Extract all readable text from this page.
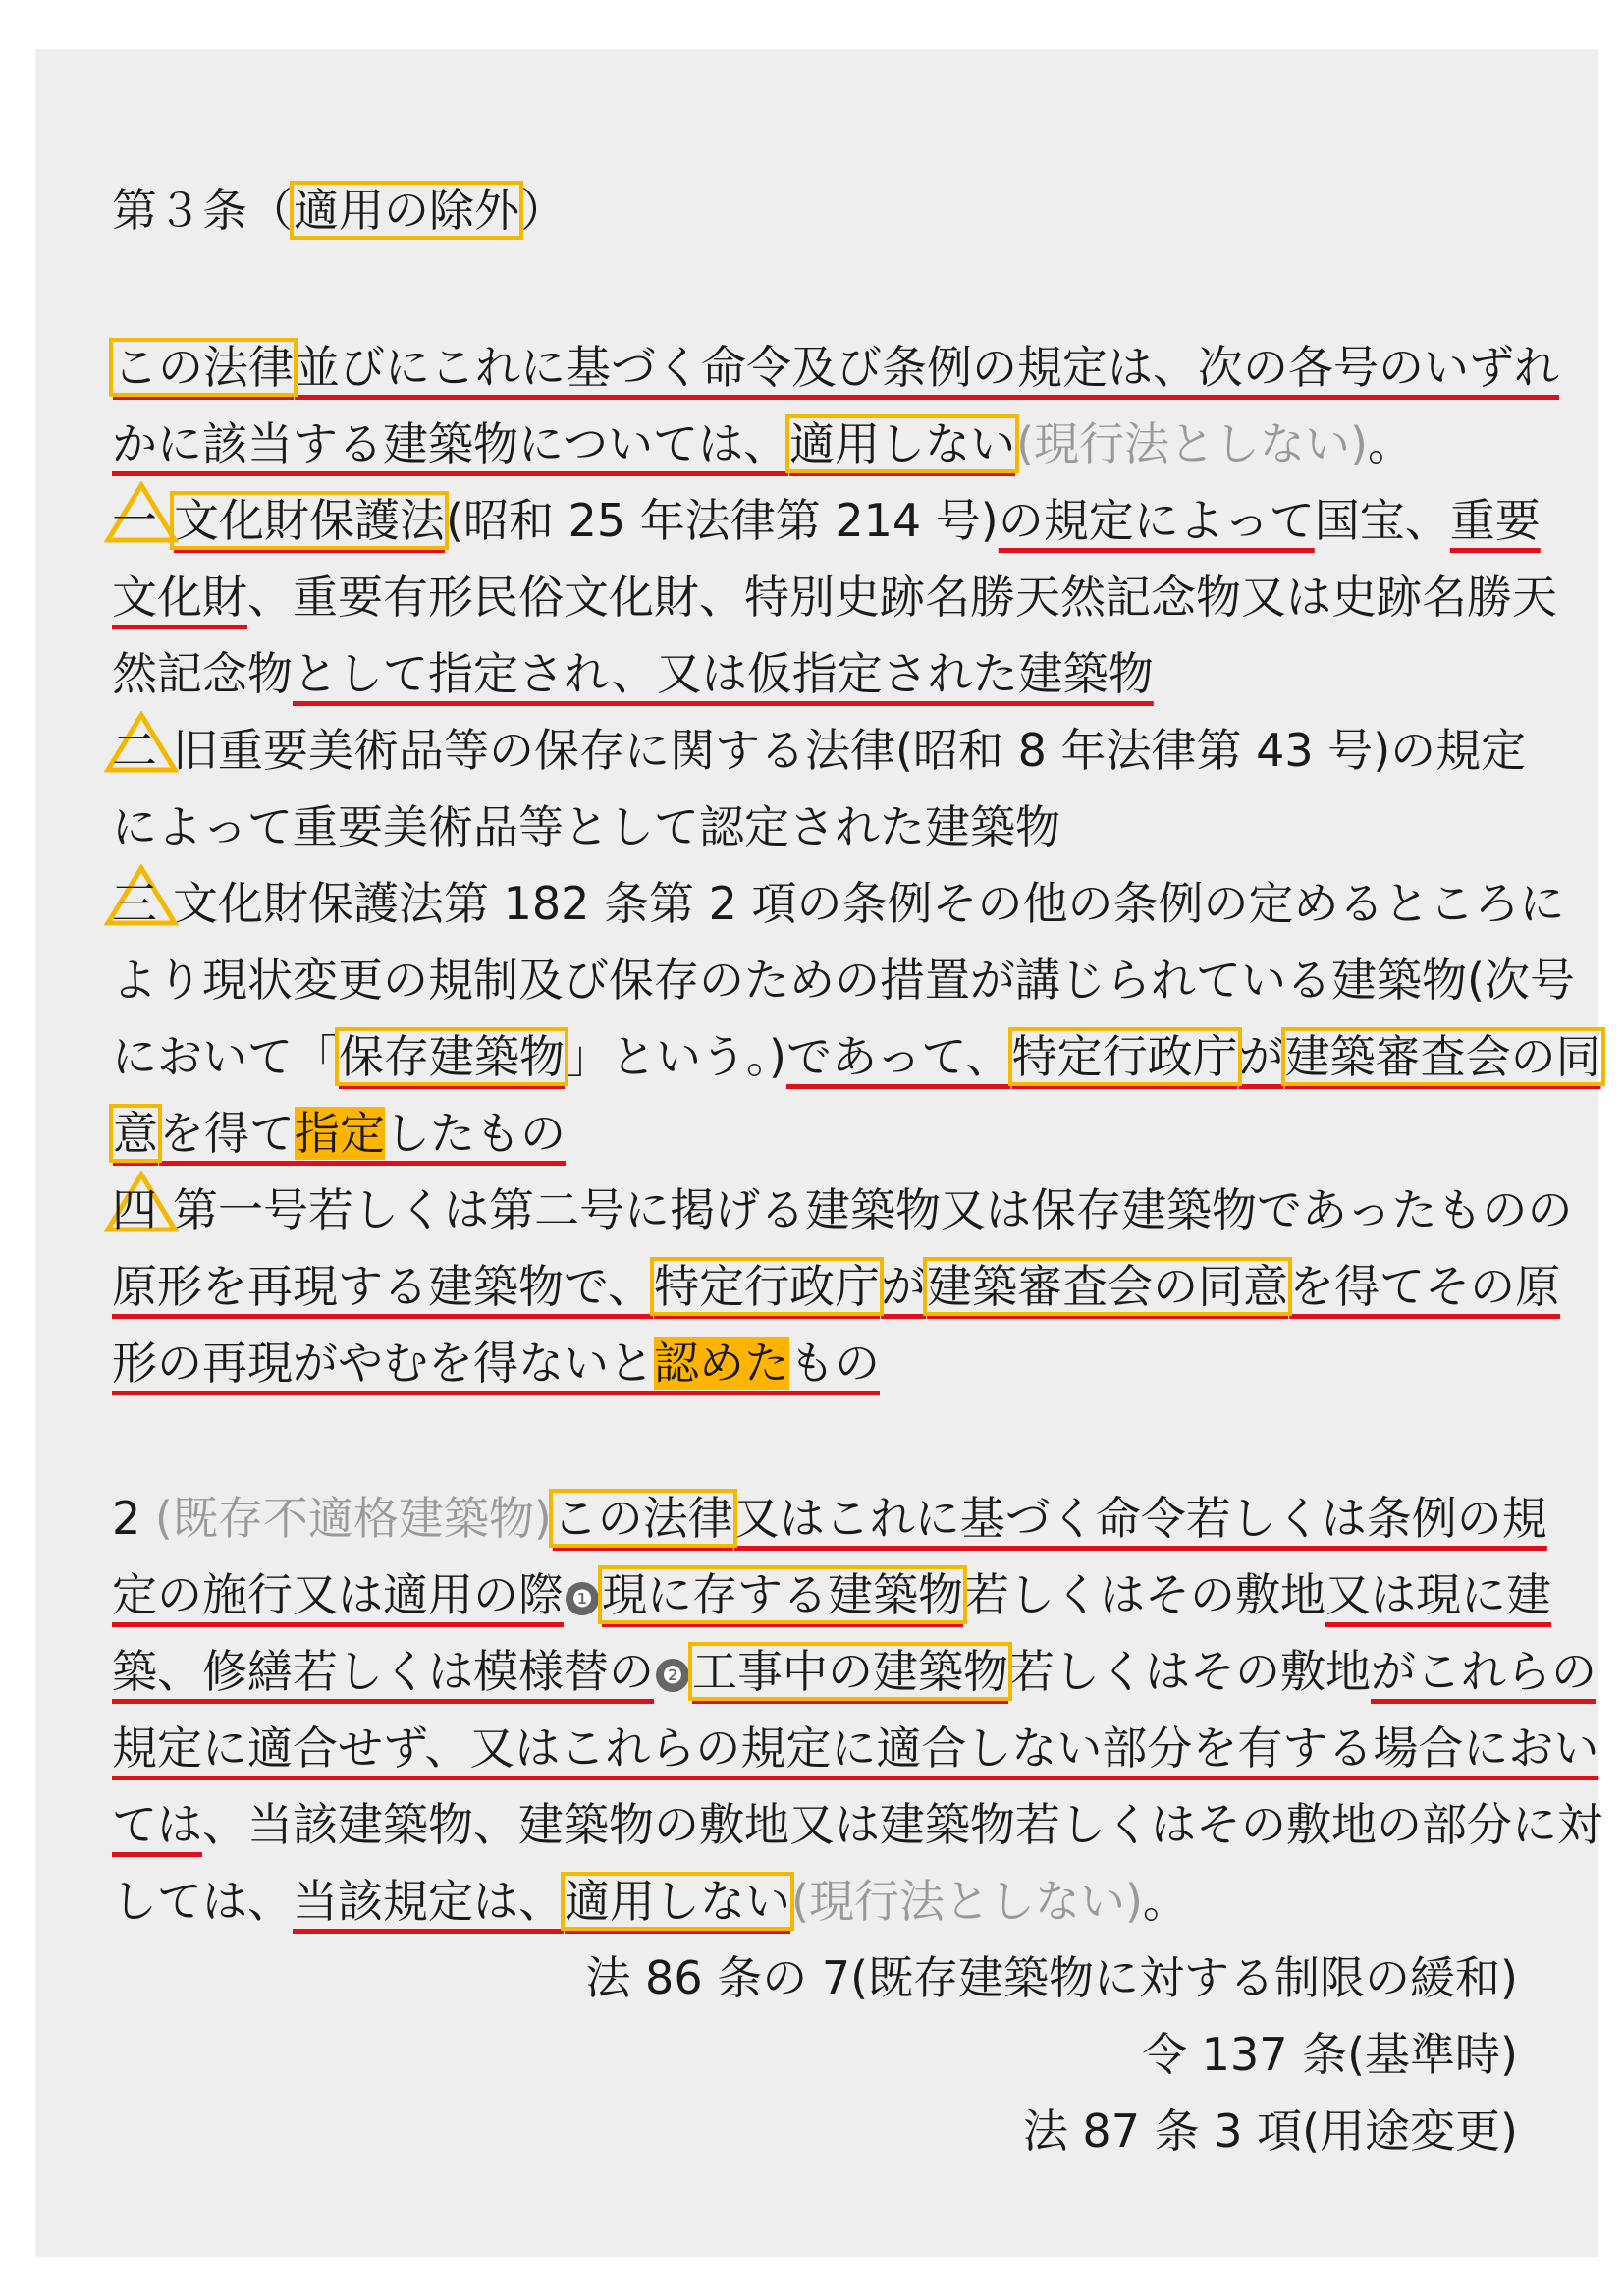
第３条（適用の除外）
この法律並びにこれに基づく命令及び条例の規定は、次の各号のいずれ
かに該当する建築物については、適用しない(現行法としない)。
一 文化財保護法(昭和 25 年法律第 214 号)の規定によって国宝、重要
文化財、重要有形民俗文化財、特別史跡名勝天然記念物又は史跡名勝天
然記念物として指定され、又は仮指定された建築物
二 旧重要美術品等の保存に関する法律(昭和 8 年法律第 43 号)の規定
によって重要美術品等として認定された建築物
三 文化財保護法第 182 条第 2 項の条例その他の条例の定めるところに
より現状変更の規制及び保存のための措置が講じられている建築物(次号
において「保存建築物」という。)であって、特定行政庁が建築審査会の同
意を得て指定したもの
四 第一号若しくは第二号に掲げる建築物又は保存建築物であったものの
原形を再現する建築物で、特定行政庁が建築審査会の同意を得てその原
形の再現がやむを得ないと認めたもの
2 (既存不適格建築物)この法律又はこれに基づく命令若しくは条例の規
定の施行又は適用の際 ❶ 現に存する建築物若しくはその敷地又は現に建
築、修繕若しくは模様替の ❷ 工事中の建築物若しくはその敷地がこれらの
規定に適合せず、又はこれらの規定に適合しない部分を有する場合におい
ては、当該建築物、建築物の敷地又は建築物若しくはその敷地の部分に対
しては、当該規定は、適用しない(現行法としない)。
法 86 条の 7(既存建築物に対する制限の緩和)
令 137 条(基準時)
法 87 条 3 項(用途変更)
